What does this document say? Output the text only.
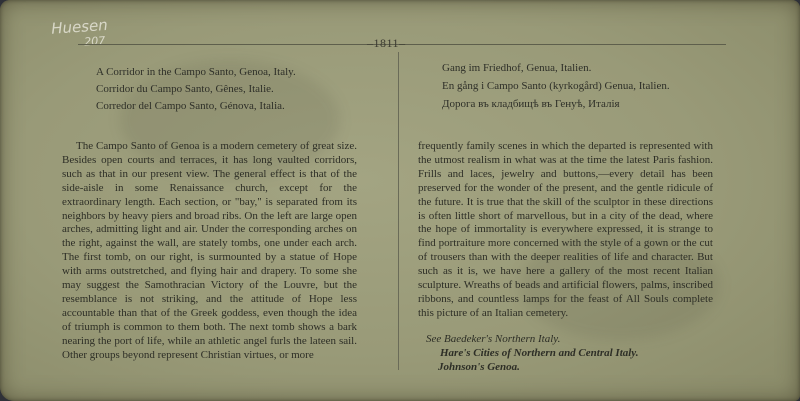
Huesen
207	–1811–
A Corridor in the Campo Santo, Genoa, Italy.
Corridor du Campo Santo, Gênes, Italie.
Corredor del Campo Santo, Génova, Italia.
Gang im Friedhof, Genua, Italien.
En gång i Campo Santo (kyrkogård) Genua, Italien.
Дорога въ кладбищѣ въ Генуѣ, Италія

The Campo Santo of Genoa is a modern cemetery of great size. Besides open courts and terraces, it has long vaulted corridors, such as that in our present view. The general effect is that of the side-aisle in some Renaissance church, except for the extraordinary length. Each section, or "bay," is separated from its neighbors by heavy piers and broad ribs. On the left are large open arches, admitting light and air. Under the corresponding arches on the right, against the wall, are stately tombs, one under each arch. The first tomb, on our right, is surmounted by a statue of Hope with arms outstretched, and flying hair and drapery. To some she may suggest the Samothracian Victory of the Louvre, but the resemblance is not striking, and the attitude of Hope less accountable than that of the Greek goddess, even though the idea of triumph is common to them both. The next tomb shows a bark nearing the port of life, while an athletic angel furls the lateen sail. Other groups beyond represent Christian virtues, or more

frequently family scenes in which the departed is represented with the utmost realism in what was at the time the latest Paris fashion. Frills and laces, jewelry and buttons,—every detail has been preserved for the wonder of the present, and the gentle ridicule of the future. It is true that the skill of the sculptor in these directions is often little short of marvellous, but in a city of the dead, where the hope of immortality is everywhere expressed, it is strange to find portraiture more concerned with the style of a gown or the cut of trousers than with the deeper realities of life and character. But such as it is, we have here a gallery of the most recent Italian sculpture. Wreaths of beads and artificial flowers, palms, inscribed ribbons, and countless lamps for the feast of All Souls complete this picture of an Italian cemetery.

See Baedeker's Northern Italy.
Hare's Cities of Northern and Central Italy.
Johnson's Genoa.
